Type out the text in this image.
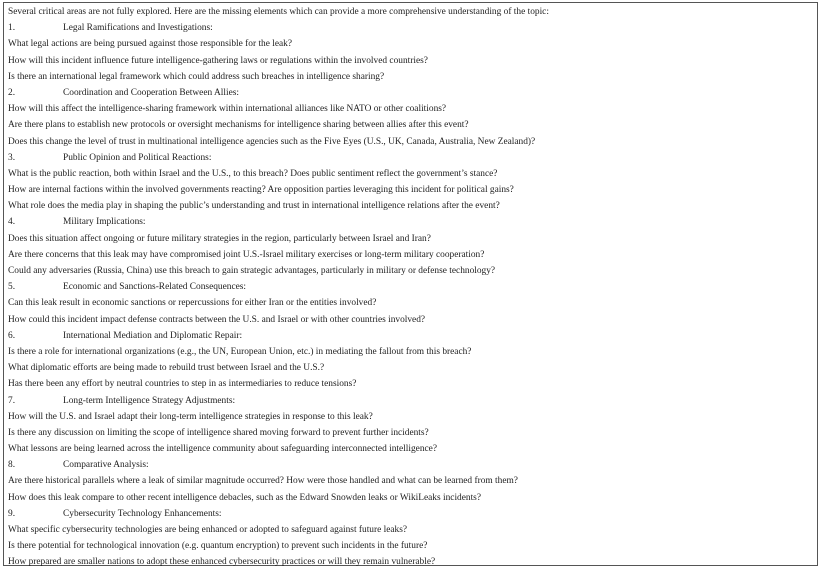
Several critical areas are not fully explored. Here are the missing elements which can provide a more comprehensive understanding of the topic:
1.	Legal Ramifications and Investigations:
What legal actions are being pursued against those responsible for the leak?
How will this incident influence future intelligence-gathering laws or regulations within the involved countries?
Is there an international legal framework which could address such breaches in intelligence sharing?
2.	Coordination and Cooperation Between Allies:
How will this affect the intelligence-sharing framework within international alliances like NATO or other coalitions?
Are there plans to establish new protocols or oversight mechanisms for intelligence sharing between allies after this event?
Does this change the level of trust in multinational intelligence agencies such as the Five Eyes (U.S., UK, Canada, Australia, New Zealand)?
3.	Public Opinion and Political Reactions:
What is the public reaction, both within Israel and the U.S., to this breach? Does public sentiment reflect the government’s stance?
How are internal factions within the involved governments reacting? Are opposition parties leveraging this incident for political gains?
What role does the media play in shaping the public’s understanding and trust in international intelligence relations after the event?
4.	Military Implications:
Does this situation affect ongoing or future military strategies in the region, particularly between Israel and Iran?
Are there concerns that this leak may have compromised joint U.S.-Israel military exercises or long-term military cooperation?
Could any adversaries (Russia, China) use this breach to gain strategic advantages, particularly in military or defense technology?
5.	Economic and Sanctions-Related Consequences:
Can this leak result in economic sanctions or repercussions for either Iran or the entities involved?
How could this incident impact defense contracts between the U.S. and Israel or with other countries involved?
6.	International Mediation and Diplomatic Repair:
Is there a role for international organizations (e.g., the UN, European Union, etc.) in mediating the fallout from this breach?
What diplomatic efforts are being made to rebuild trust between Israel and the U.S.?
Has there been any effort by neutral countries to step in as intermediaries to reduce tensions?
7.	Long-term Intelligence Strategy Adjustments:
How will the U.S. and Israel adapt their long-term intelligence strategies in response to this leak?
Is there any discussion on limiting the scope of intelligence shared moving forward to prevent further incidents?
What lessons are being learned across the intelligence community about safeguarding interconnected intelligence?
8.	Comparative Analysis:
Are there historical parallels where a leak of similar magnitude occurred? How were those handled and what can be learned from them?
How does this leak compare to other recent intelligence debacles, such as the Edward Snowden leaks or WikiLeaks incidents?
9.	Cybersecurity Technology Enhancements:
What specific cybersecurity technologies are being enhanced or adopted to safeguard against future leaks?
Is there potential for technological innovation (e.g. quantum encryption) to prevent such incidents in the future?
How prepared are smaller nations to adopt these enhanced cybersecurity practices or will they remain vulnerable?
